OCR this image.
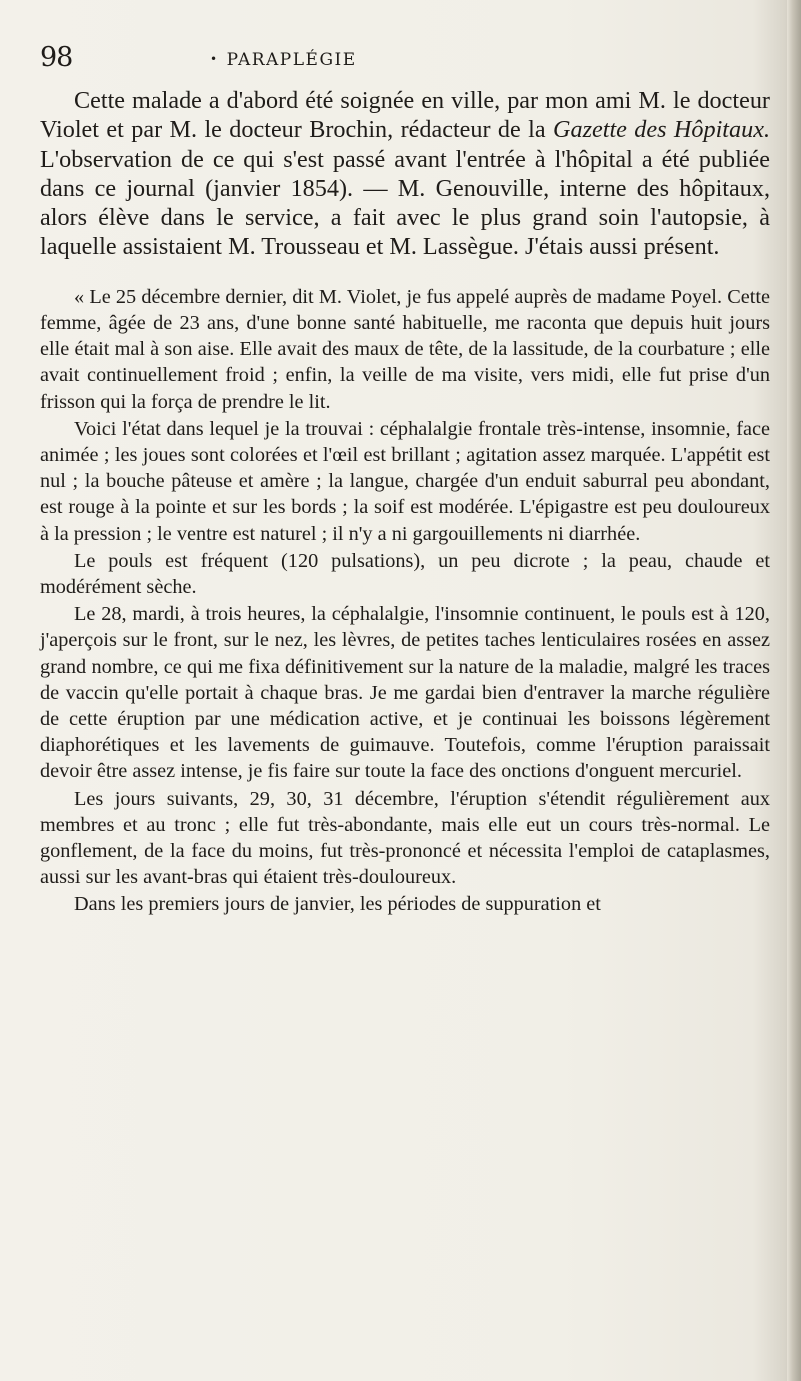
98	• PARAPLÉGIE

Cette malade a d'abord été soignée en ville, par mon ami M. le docteur Violet et par M. le docteur Brochin, rédacteur de la Gazette des Hôpitaux. L'observation de ce qui s'est passé avant l'entrée à l'hôpital a été publiée dans ce journal (janvier 1854). — M. Genouville, interne des hôpitaux, alors élève dans le service, a fait avec le plus grand soin l'autopsie, à laquelle assistaient M. Trousseau et M. Lassègue. J'étais aussi présent.

« Le 25 décembre dernier, dit M. Violet, je fus appelé auprès de madame Poyel. Cette femme, âgée de 23 ans, d'une bonne santé habituelle, me raconta que depuis huit jours elle était mal à son aise. Elle avait des maux de tête, de la lassitude, de la courbature ; elle avait continuellement froid ; enfin, la veille de ma visite, vers midi, elle fut prise d'un frisson qui la força de prendre le lit.

Voici l'état dans lequel je la trouvai : céphalalgie frontale très-intense, insomnie, face animée ; les joues sont colorées et l'œil est brillant ; agitation assez marquée. L'appétit est nul ; la bouche pâteuse et amère ; la langue, chargée d'un enduit saburral peu abondant, est rouge à la pointe et sur les bords ; la soif est modérée. L'épigastre est peu douloureux à la pression ; le ventre est naturel ; il n'y a ni gargouillements ni diarrhée.

Le pouls est fréquent (120 pulsations), un peu dicrote ; la peau, chaude et modérément sèche.

Le 28, mardi, à trois heures, la céphalalgie, l'insomnie continuent, le pouls est à 120, j'aperçois sur le front, sur le nez, les lèvres, de petites taches lenticulaires rosées en assez grand nombre, ce qui me fixa définitivement sur la nature de la maladie, malgré les traces de vaccin qu'elle portait à chaque bras. Je me gardai bien d'entraver la marche régulière de cette éruption par une médication active, et je continuai les boissons légèrement diaphorétiques et les lavements de guimauve. Toutefois, comme l'éruption paraissait devoir être assez intense, je fis faire sur toute la face des onctions d'onguent mercuriel.

Les jours suivants, 29, 30, 31 décembre, l'éruption s'étendit régulièrement aux membres et au tronc ; elle fut très-abondante, mais elle eut un cours très-normal. Le gonflement, de la face du moins, fut très-prononcé et nécessita l'emploi de cataplasmes, aussi sur les avant-bras qui étaient très-douloureux.

Dans les premiers jours de janvier, les périodes de suppuration et
